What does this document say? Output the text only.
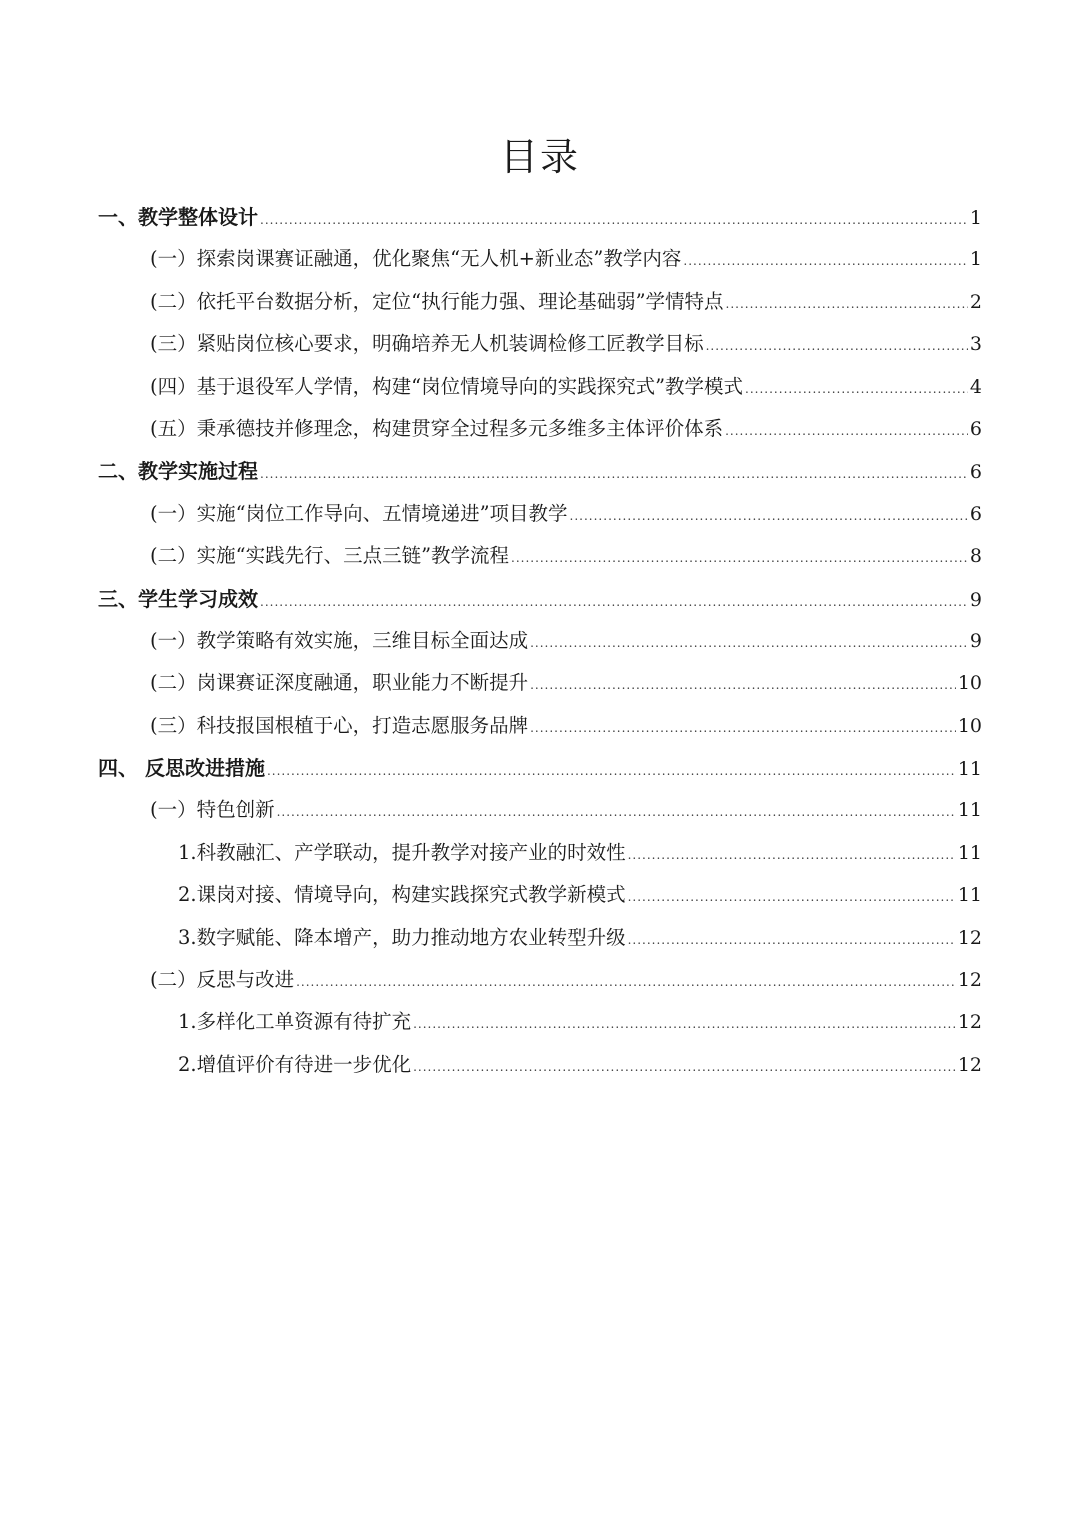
目录
一、教学整体设计 .....	1
(一）探索岗课赛证融通，优化聚焦“无人机+新业态”教学内容 .....	1
(二）依托平台数据分析，定位“执行能力强、理论基础弱”学情特点 .....	2
(三）紧贴岗位核心要求，明确培养无人机装调检修工匠教学目标 .....	3
(四）基于退役军人学情，构建“岗位情境导向的实践探究式”教学模式 .....	4
(五）秉承德技并修理念，构建贯穿全过程多元多维多主体评价体系 .....	6
二、教学实施过程 .....	6
(一）实施“岗位工作导向、五情境递进”项目教学 .....	6
(二）实施“实践先行、三点三链”教学流程 .....	8
三、学生学习成效 .....	9
(一）教学策略有效实施，三维目标全面达成 .....	9
(二）岗课赛证深度融通，职业能力不断提升 .....	10
(三）科技报国根植于心，打造志愿服务品牌 .....	10
四、 反思改进措施 .....	11
(一）特色创新 .....	11
1.科教融汇、产学联动，提升教学对接产业的时效性 .....	11
2.课岗对接、情境导向，构建实践探究式教学新模式 .....	11
3.数字赋能、降本增产，助力推动地方农业转型升级 .....	12
(二）反思与改进 .....	12
1.多样化工单资源有待扩充 .....	12
2.增值评价有待进一步优化 .....	12
